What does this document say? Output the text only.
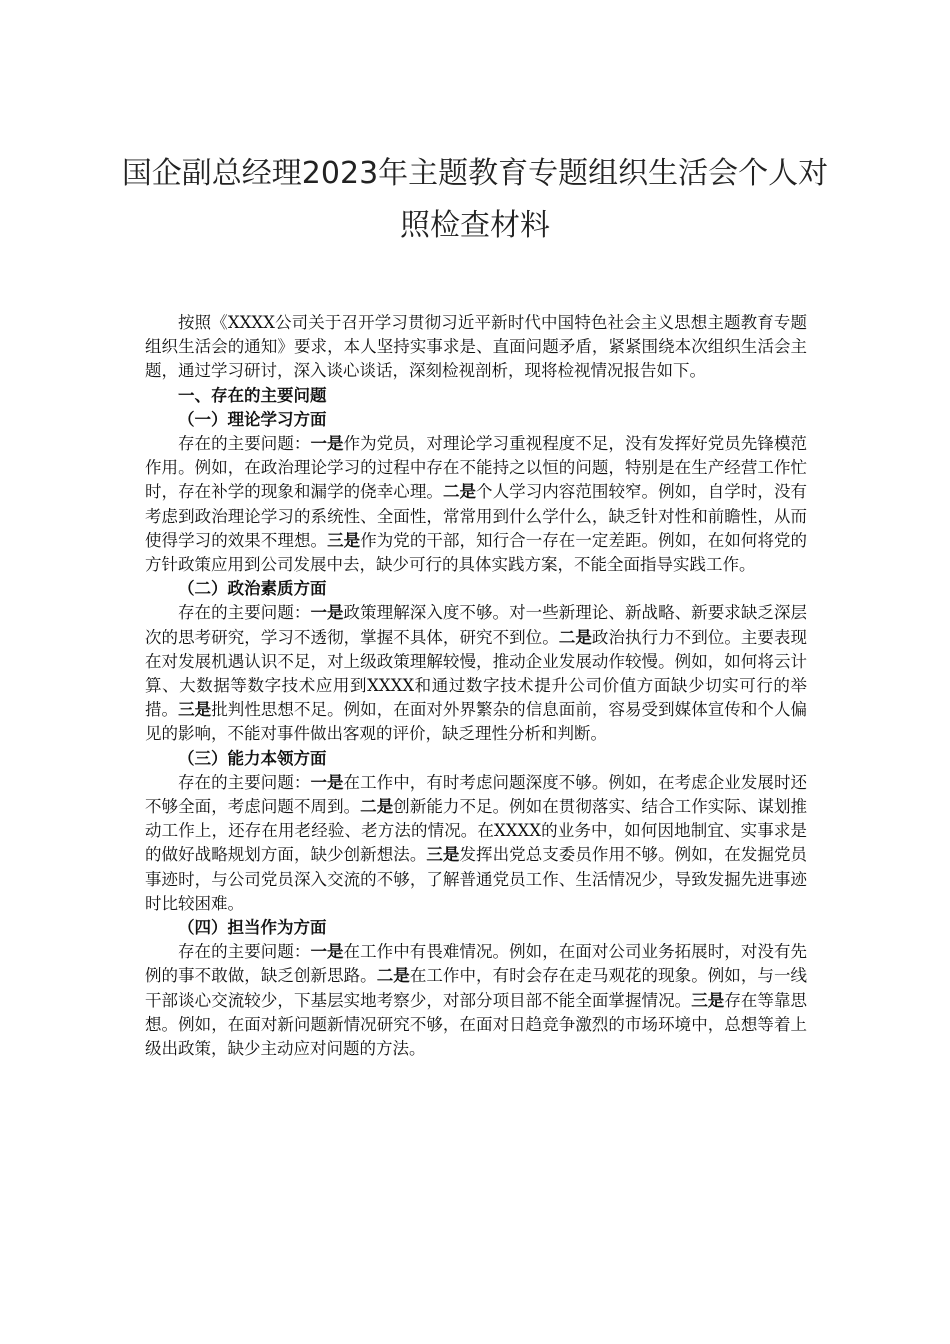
国企副总经理2023年主题教育专题组织生活会个人对照检查材料

按照《XXXX公司关于召开学习贯彻习近平新时代中国特色社会主义思想主题教育专题组织生活会的通知》要求，本人坚持实事求是、直面问题矛盾，紧紧围绕本次组织生活会主题，通过学习研讨，深入谈心谈话，深刻检视剖析，现将检视情况报告如下。

一、存在的主要问题

（一）理论学习方面

存在的主要问题：一是作为党员，对理论学习重视程度不足，没有发挥好党员先锋模范作用。例如，在政治理论学习的过程中存在不能持之以恒的问题，特别是在生产经营工作忙时，存在补学的现象和漏学的侥幸心理。二是个人学习内容范围较窄。例如，自学时，没有考虑到政治理论学习的系统性、全面性，常常用到什么学什么，缺乏针对性和前瞻性，从而使得学习的效果不理想。三是作为党的干部，知行合一存在一定差距。例如，在如何将党的方针政策应用到公司发展中去，缺少可行的具体实践方案，不能全面指导实践工作。

（二）政治素质方面

存在的主要问题：一是政策理解深入度不够。对一些新理论、新战略、新要求缺乏深层次的思考研究，学习不透彻，掌握不具体，研究不到位。二是政治执行力不到位。主要表现在对发展机遇认识不足，对上级政策理解较慢，推动企业发展动作较慢。例如，如何将云计算、大数据等数字技术应用到XXXX和通过数字技术提升公司价值方面缺少切实可行的举措。三是批判性思想不足。例如，在面对外界繁杂的信息面前，容易受到媒体宣传和个人偏见的影响，不能对事件做出客观的评价，缺乏理性分析和判断。

（三）能力本领方面

存在的主要问题：一是在工作中，有时考虑问题深度不够。例如，在考虑企业发展时还不够全面，考虑问题不周到。二是创新能力不足。例如在贯彻落实、结合工作实际、谋划推动工作上，还存在用老经验、老方法的情况。在XXXX的业务中，如何因地制宜、实事求是的做好战略规划方面，缺少创新想法。三是发挥出党总支委员作用不够。例如，在发掘党员事迹时，与公司党员深入交流的不够，了解普通党员工作、生活情况少，导致发掘先进事迹时比较困难。

（四）担当作为方面

存在的主要问题：一是在工作中有畏难情况。例如，在面对公司业务拓展时，对没有先例的事不敢做，缺乏创新思路。二是在工作中，有时会存在走马观花的现象。例如，与一线干部谈心交流较少，下基层实地考察少，对部分项目部不能全面掌握情况。三是存在等靠思想。例如，在面对新问题新情况研究不够，在面对日趋竞争激烈的市场环境中，总想等着上级出政策，缺少主动应对问题的方法。
